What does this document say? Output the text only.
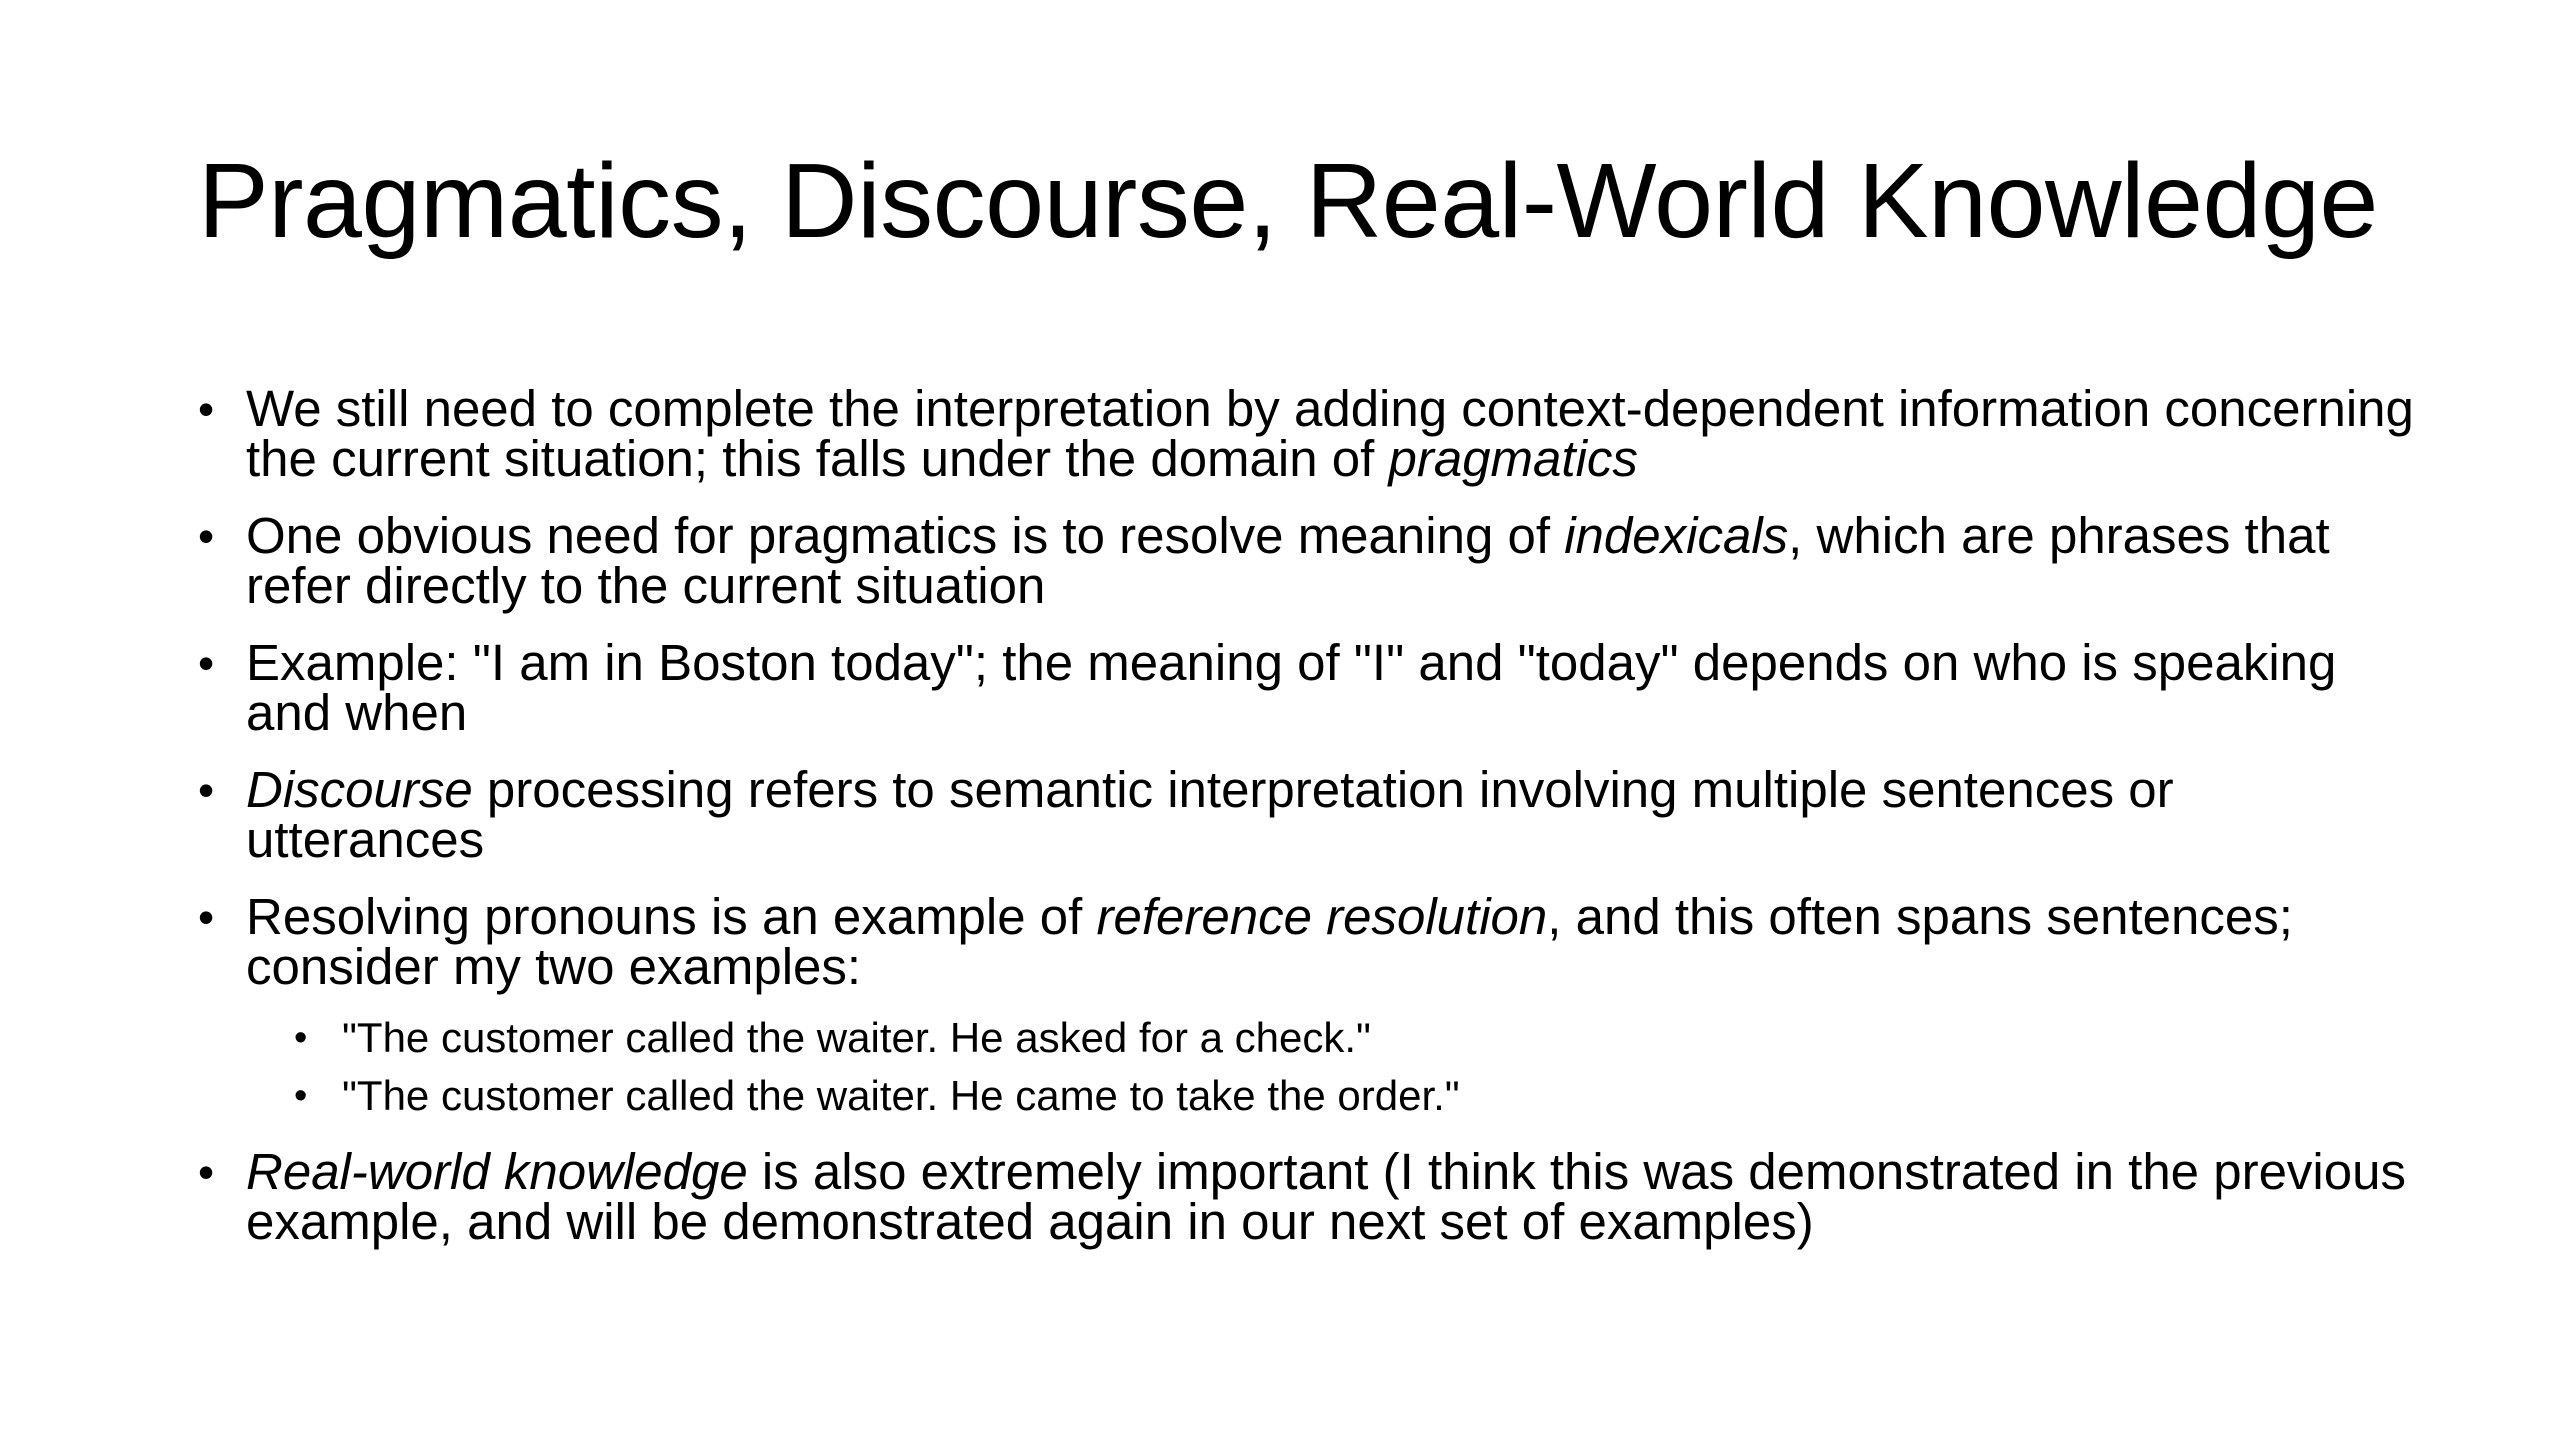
Pragmatics, Discourse, Real-World Knowledge
• We still need to complete the interpretation by adding context-dependent information concerning the current situation; this falls under the domain of pragmatics
• One obvious need for pragmatics is to resolve meaning of indexicals, which are phrases that refer directly to the current situation
• Example: "I am in Boston today"; the meaning of "I" and "today" depends on who is speaking and when
• Discourse processing refers to semantic interpretation involving multiple sentences or utterances
• Resolving pronouns is an example of reference resolution, and this often spans sentences; consider my two examples:
• "The customer called the waiter. He asked for a check."
• "The customer called the waiter. He came to take the order."
• Real-world knowledge is also extremely important (I think this was demonstrated in the previous example, and will be demonstrated again in our next set of examples)
